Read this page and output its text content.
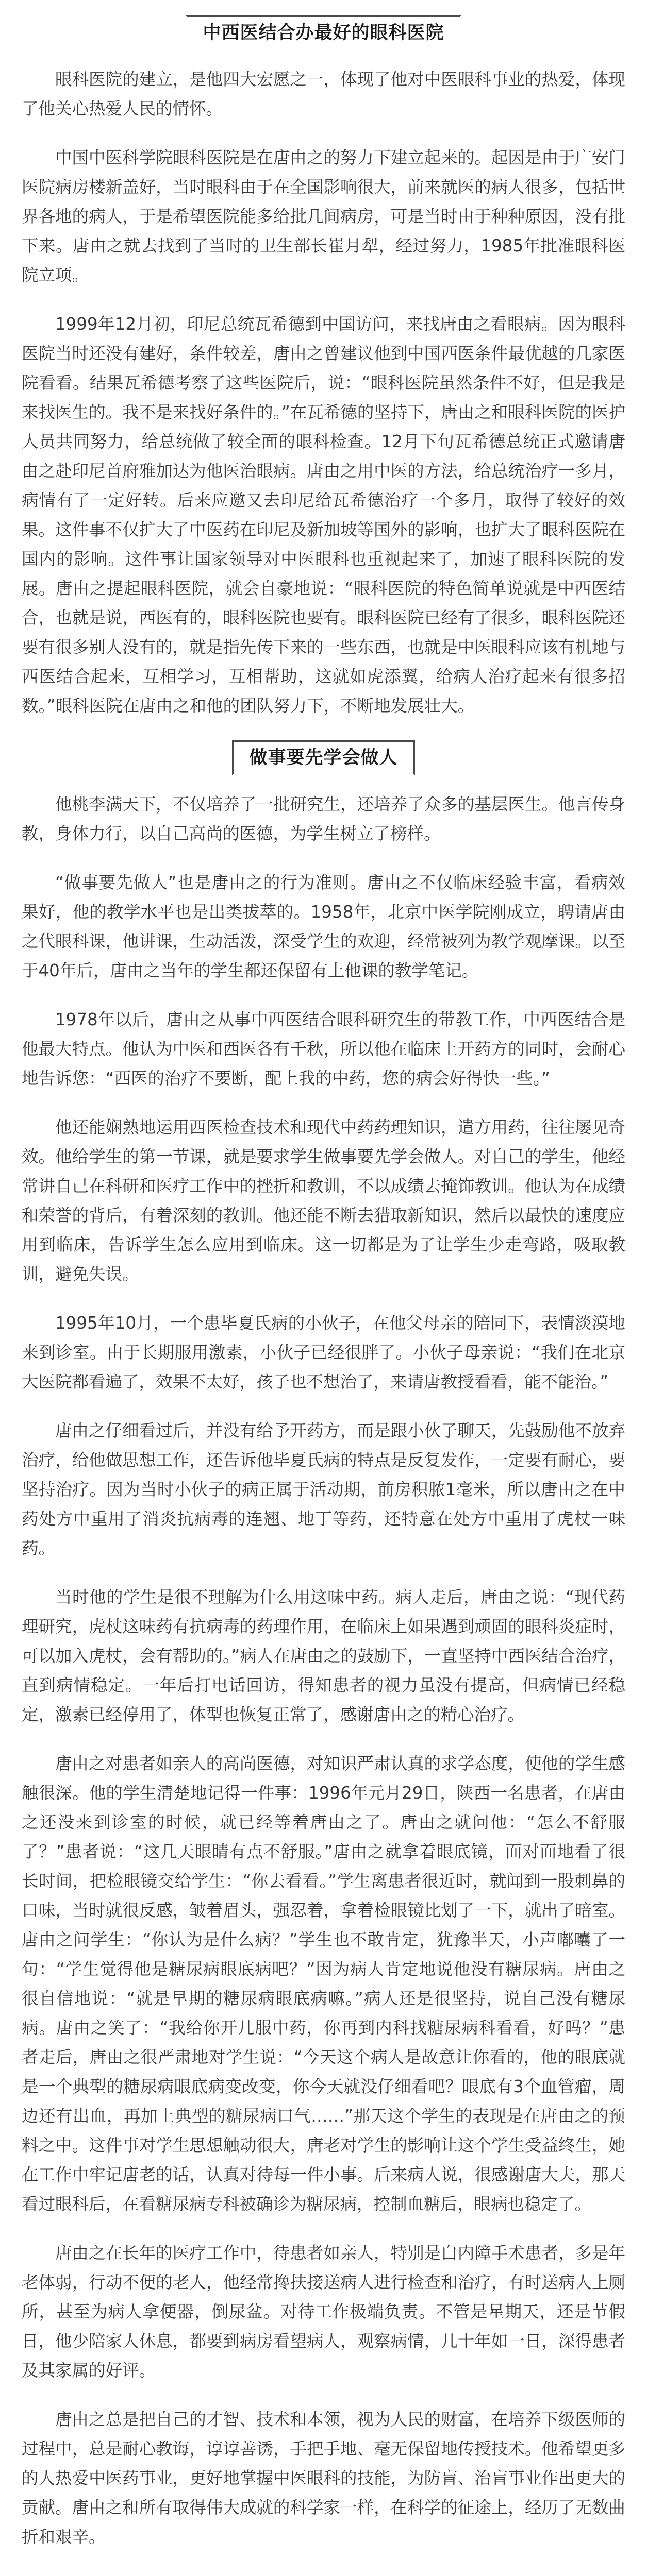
中西医结合办最好的眼科医院

眼科医院的建立，是他四大宏愿之一，体现了他对中医眼科事业的热爱，体现了他关心热爱人民的情怀。

中国中医科学院眼科医院是在唐由之的努力下建立起来的。起因是由于广安门医院病房楼新盖好，当时眼科由于在全国影响很大，前来就医的病人很多，包括世界各地的病人，于是希望医院能多给批几间病房，可是当时由于种种原因，没有批下来。唐由之就去找到了当时的卫生部长崔月犁，经过努力，1985年批准眼科医院立项。

1999年12月初，印尼总统瓦希德到中国访问，来找唐由之看眼病。因为眼科医院当时还没有建好，条件较差，唐由之曾建议他到中国西医条件最优越的几家医院看看。结果瓦希德考察了这些医院后，说：“眼科医院虽然条件不好，但是我是来找医生的。我不是来找好条件的。”在瓦希德的坚持下，唐由之和眼科医院的医护人员共同努力，给总统做了较全面的眼科检查。12月下旬瓦希德总统正式邀请唐由之赴印尼首府雅加达为他医治眼病。唐由之用中医的方法，给总统治疗一多月，病情有了一定好转。后来应邀又去印尼给瓦希德治疗一个多月，取得了较好的效果。这件事不仅扩大了中医药在印尼及新加坡等国外的影响，也扩大了眼科医院在国内的影响。这件事让国家领导对中医眼科也重视起来了，加速了眼科医院的发展。唐由之提起眼科医院，就会自豪地说：“眼科医院的特色简单说就是中西医结合，也就是说，西医有的，眼科医院也要有。眼科医院已经有了很多，眼科医院还要有很多别人没有的，就是指先传下来的一些东西，也就是中医眼科应该有机地与西医结合起来，互相学习，互相帮助，这就如虎添翼，给病人治疗起来有很多招数。”眼科医院在唐由之和他的团队努力下，不断地发展壮大。

做事要先学会做人

他桃李满天下，不仅培养了一批研究生，还培养了众多的基层医生。他言传身教，身体力行，以自己高尚的医德，为学生树立了榜样。

“做事要先做人”也是唐由之的行为准则。唐由之不仅临床经验丰富，看病效果好，他的教学水平也是出类拔萃的。1958年，北京中医学院刚成立，聘请唐由之代眼科课，他讲课，生动活泼，深受学生的欢迎，经常被列为教学观摩课。以至于40年后，唐由之当年的学生都还保留有上他课的教学笔记。

1978年以后，唐由之从事中西医结合眼科研究生的带教工作，中西医结合是他最大特点。他认为中医和西医各有千秋，所以他在临床上开药方的同时，会耐心地告诉您：“西医的治疗不要断，配上我的中药，您的病会好得快一些。”

他还能娴熟地运用西医检查技术和现代中药药理知识，遣方用药，往往屡见奇效。他给学生的第一节课，就是要求学生做事要先学会做人。对自己的学生，他经常讲自己在科研和医疗工作中的挫折和教训，不以成绩去掩饰教训。他认为在成绩和荣誉的背后，有着深刻的教训。他还能不断去猎取新知识，然后以最快的速度应用到临床，告诉学生怎么应用到临床。这一切都是为了让学生少走弯路，吸取教训，避免失误。

1995年10月，一个患毕夏氏病的小伙子，在他父母亲的陪同下，表情淡漠地来到诊室。由于长期服用激素，小伙子已经很胖了。小伙子母亲说：“我们在北京大医院都看遍了，效果不太好，孩子也不想治了，来请唐教授看看，能不能治。”

唐由之仔细看过后，并没有给予开药方，而是跟小伙子聊天，先鼓励他不放弃治疗，给他做思想工作，还告诉他毕夏氏病的特点是反复发作，一定要有耐心，要坚持治疗。因为当时小伙子的病正属于活动期，前房积脓1毫米，所以唐由之在中药处方中重用了消炎抗病毒的连翘、地丁等药，还特意在处方中重用了虎杖一味药。

当时他的学生是很不理解为什么用这味中药。病人走后，唐由之说：“现代药理研究，虎杖这味药有抗病毒的药理作用，在临床上如果遇到顽固的眼科炎症时，可以加入虎杖，会有帮助的。”病人在唐由之的鼓励下，一直坚持中西医结合治疗，直到病情稳定。一年后打电话回访，得知患者的视力虽没有提高，但病情已经稳定，激素已经停用了，体型也恢复正常了，感谢唐由之的精心治疗。

唐由之对患者如亲人的高尚医德，对知识严肃认真的求学态度，使他的学生感触很深。他的学生清楚地记得一件事：1996年元月29日，陕西一名患者，在唐由之还没来到诊室的时候，就已经等着唐由之了。唐由之就问他：“怎么不舒服了？”患者说：“这几天眼睛有点不舒服。”唐由之就拿着眼底镜，面对面地看了很长时间，把检眼镜交给学生：“你去看看。”学生离患者很近时，就闻到一股刺鼻的口味，当时就很反感，皱着眉头，强忍着，拿着检眼镜比划了一下，就出了暗室。唐由之问学生：“你认为是什么病？”学生也不敢肯定，犹豫半天，小声嘟囔了一句：“学生觉得他是糖尿病眼底病吧？”因为病人肯定地说他没有糖尿病。唐由之很自信地说：“就是早期的糖尿病眼底病嘛。”病人还是很坚持，说自己没有糖尿病。唐由之笑了：“我给你开几服中药，你再到内科找糖尿病科看看，好吗？”患者走后，唐由之很严肃地对学生说：“今天这个病人是故意让你看的，他的眼底就是一个典型的糖尿病眼底病变改变，你今天就没仔细看吧？眼底有3个血管瘤，周边还有出血，再加上典型的糖尿病口气……”那天这个学生的表现是在唐由之的预料之中。这件事对学生思想触动很大，唐老对学生的影响让这个学生受益终生，她在工作中牢记唐老的话，认真对待每一件小事。后来病人说，很感谢唐大夫，那天看过眼科后，在看糖尿病专科被确诊为糖尿病，控制血糖后，眼病也稳定了。

唐由之在长年的医疗工作中，待患者如亲人，特别是白内障手术患者，多是年老体弱，行动不便的老人，他经常搀扶接送病人进行检查和治疗，有时送病人上厕所，甚至为病人拿便器，倒尿盆。对待工作极端负责。不管是星期天，还是节假日，他少陪家人休息，都要到病房看望病人，观察病情，几十年如一日，深得患者及其家属的好评。

唐由之总是把自己的才智、技术和本领，视为人民的财富，在培养下级医师的过程中，总是耐心教诲，谆谆善诱，手把手地、毫无保留地传授技术。他希望更多的人热爱中医药事业，更好地掌握中医眼科的技能，为防盲、治盲事业作出更大的贡献。唐由之和所有取得伟大成就的科学家一样，在科学的征途上，经历了无数曲折和艰辛。
